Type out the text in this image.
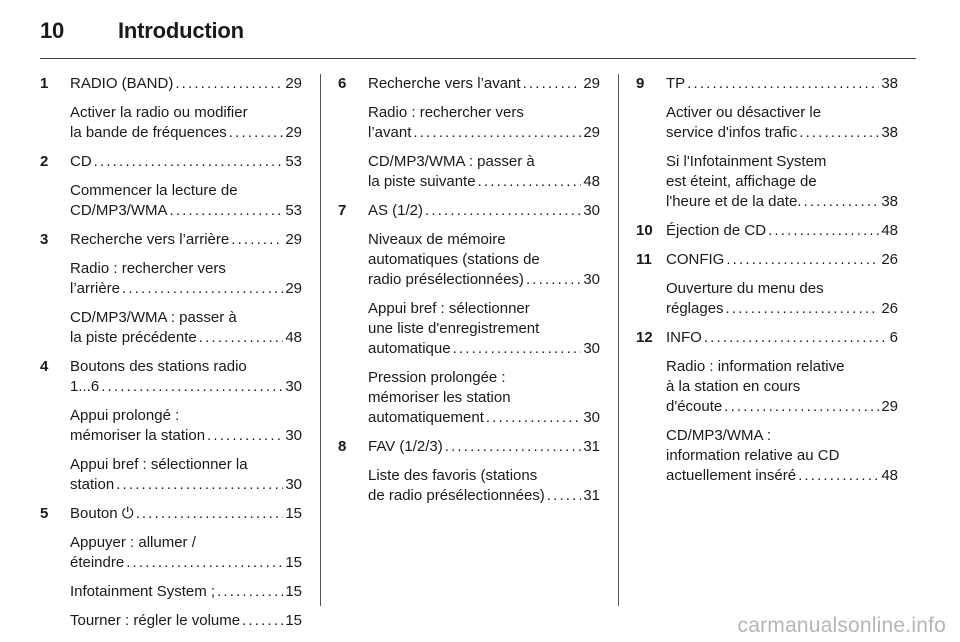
10 Introduction
1 RADIO (BAND) . . .	29
Activer la radio ou modifier
la bande de fréquences . . .	29
2 CD . . .	53
Commencer la lecture de
CD/MP3/WMA . . .	53
3 Recherche vers l’arrière . . .	29
Radio : rechercher vers
l’arrière . . .	29
CD/MP3/WMA : passer à
la piste précédente . . .	48
4 Boutons des stations radio
1...6 . . .	30
Appui prolongé :
mémoriser la station . . .	30
Appui bref : sélectionner la
station . . .	30
5 Bouton ⏻ . . .	15
Appuyer : allumer /
éteindre . . .	15
Infotainment System ; . . .	15
Tourner : régler le volume . . .	15
6 Recherche vers l’avant . . .	29
Radio : rechercher vers
l’avant . . .	29
CD/MP3/WMA : passer à
la piste suivante . . .	48
7 AS (1/2) . . .	30
Niveaux de mémoire
automatiques (stations de
radio présélectionnées) . . .	30
Appui bref : sélectionner
une liste d'enregistrement
automatique . . .	30
Pression prolongée :
mémoriser les station
automatiquement . . .	30
8 FAV (1/2/3) . . .	31
Liste des favoris (stations
de radio présélectionnées) . . .	31
9 TP . . .	38
Activer ou désactiver le
service d'infos trafic . . .	38
Si l'Infotainment System
est éteint, affichage de
l'heure et de la date. . . .	38
10 Éjection de CD . . .	48
11 CONFIG . . .	26
Ouverture du menu des
réglages . . .	26
12 INFO . . .	6
Radio : information relative
à la station en cours
d'écoute . . .	29
CD/MP3/WMA :
information relative au CD
actuellement inséré . . .	48
carmanualsonline.info
